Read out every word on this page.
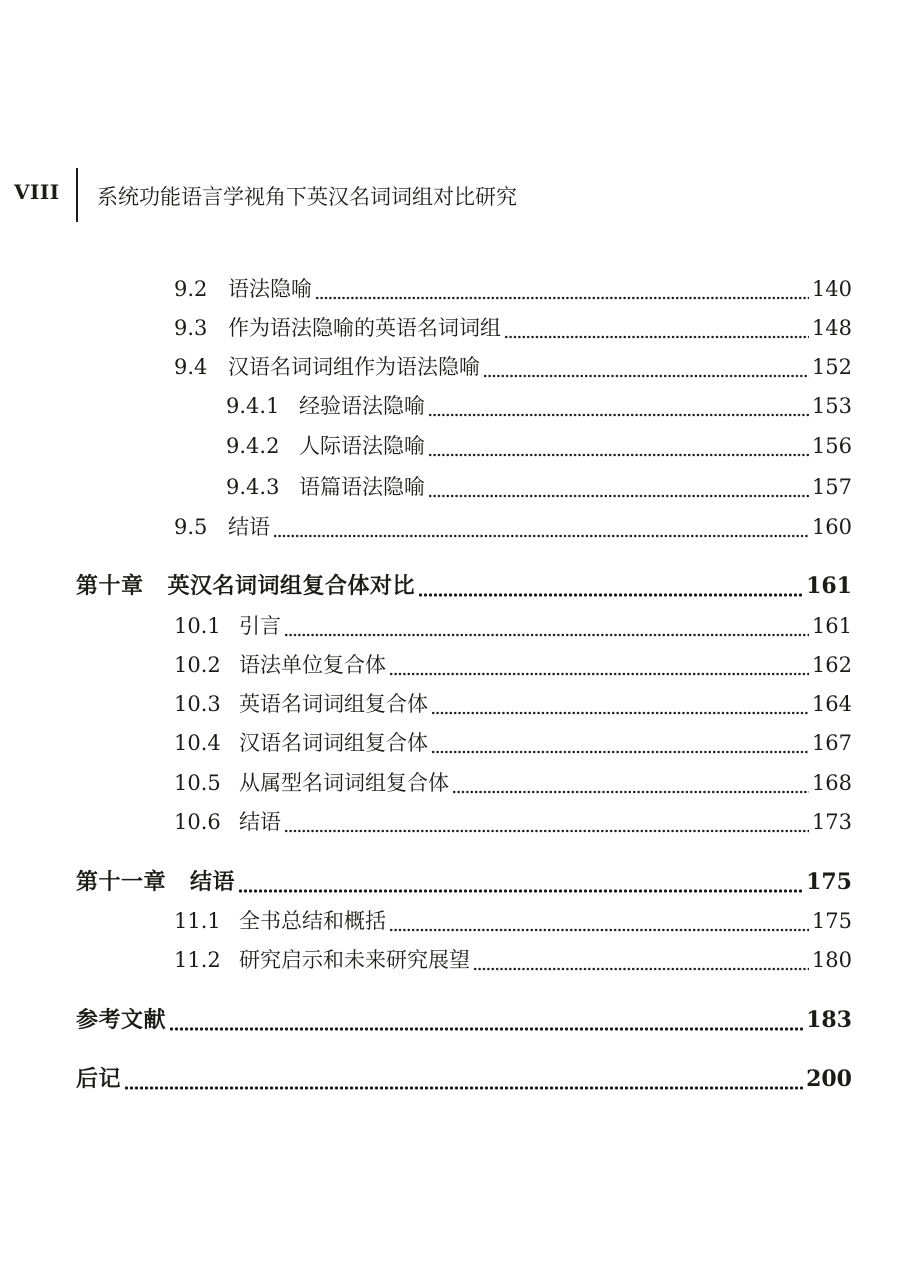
VIII 系统功能语言学视角下英汉名词词组对比研究
9.2 语法隐喻	140
9.3 作为语法隐喻的英语名词词组	148
9.4 汉语名词词组作为语法隐喻	152
9.4.1 经验语法隐喻	153
9.4.2 人际语法隐喻	156
9.4.3 语篇语法隐喻	157
9.5 结语	160
第十章 英汉名词词组复合体对比	161
10.1 引言	161
10.2 语法单位复合体	162
10.3 英语名词词组复合体	164
10.4 汉语名词词组复合体	167
10.5 从属型名词词组复合体	168
10.6 结语	173
第十一章 结语	175
11.1 全书总结和概括	175
11.2 研究启示和未来研究展望	180
参考文献	183
后记	200
